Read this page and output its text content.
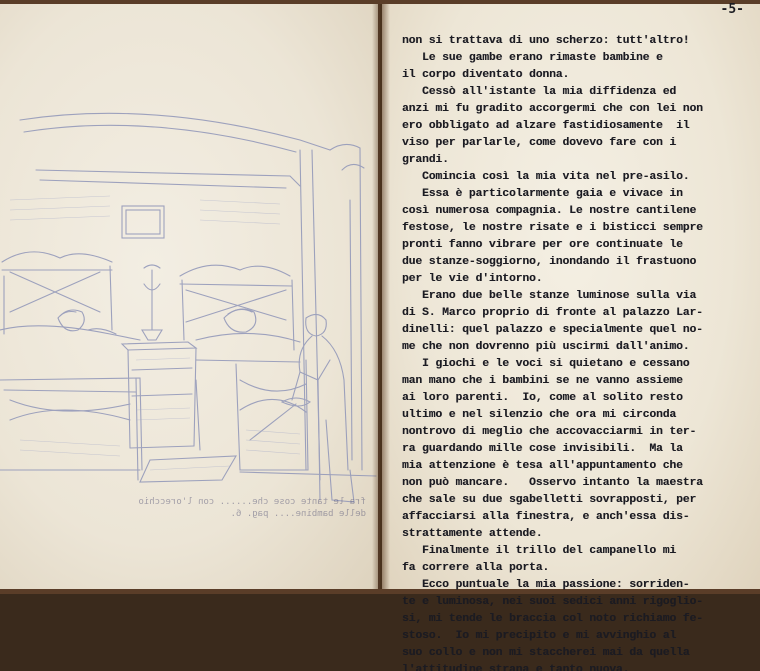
fra le tante cose che...... con l'orecchio
delle bambine.... pag. 6.
-5-
non si trattava di uno scherzo: tutt'altro!
Le sue gambe erano rimaste bambine e
il corpo diventato donna.
Cessò all'istante la mia diffidenza ed
anzi mi fu gradito accorgermi che con lei non
ero obbligato ad alzare fastidiosamente  il
viso per parlarle, come dovevo fare con i
grandi.
Comincia così la mia vita nel pre-asilo.
Essa è particolarmente gaia e vivace in
così numerosa compagnia. Le nostre cantilene
festose, le nostre risate e i bisticci sempre
pronti fanno vibrare per ore continuate le
due stanze-soggiorno, inondando il frastuono
per le vie d'intorno.
Erano due belle stanze luminose sulla via
di S. Marco proprio di fronte al palazzo Lar-
dinelli: quel palazzo e specialmente quel no-
me che non dovrenno più uscirmi dall'animo.
I giochi e le voci si quietano e cessano
man mano che i bambini se ne vanno assieme
ai loro parenti.  Io, come al solito resto
ultimo e nel silenzio che ora mi circonda
nontrovo di meglio che accovacciarmi in ter-
ra guardando mille cose invisibili.  Ma la
mia attenzione è tesa all'appuntamento che
non può mancare.   Osservo intanto la maestra
che sale su due sgabelletti sovrapposti, per
affacciarsi alla finestra, e anch'essa dis-
strattamente attende.
Finalmente il trillo del campanello mi
fa correre alla porta.
Ecco puntuale la mia passione: sorriden-
te e luminosa, nei suoi sedici anni rigoglio-
si, mi tende le braccia col noto richiamo fe-
stoso.  Io mi precipito e mi avvinghio al
suo collo e non mi staccherei mai da quella
l'attitudine strana e tanto nuova.
